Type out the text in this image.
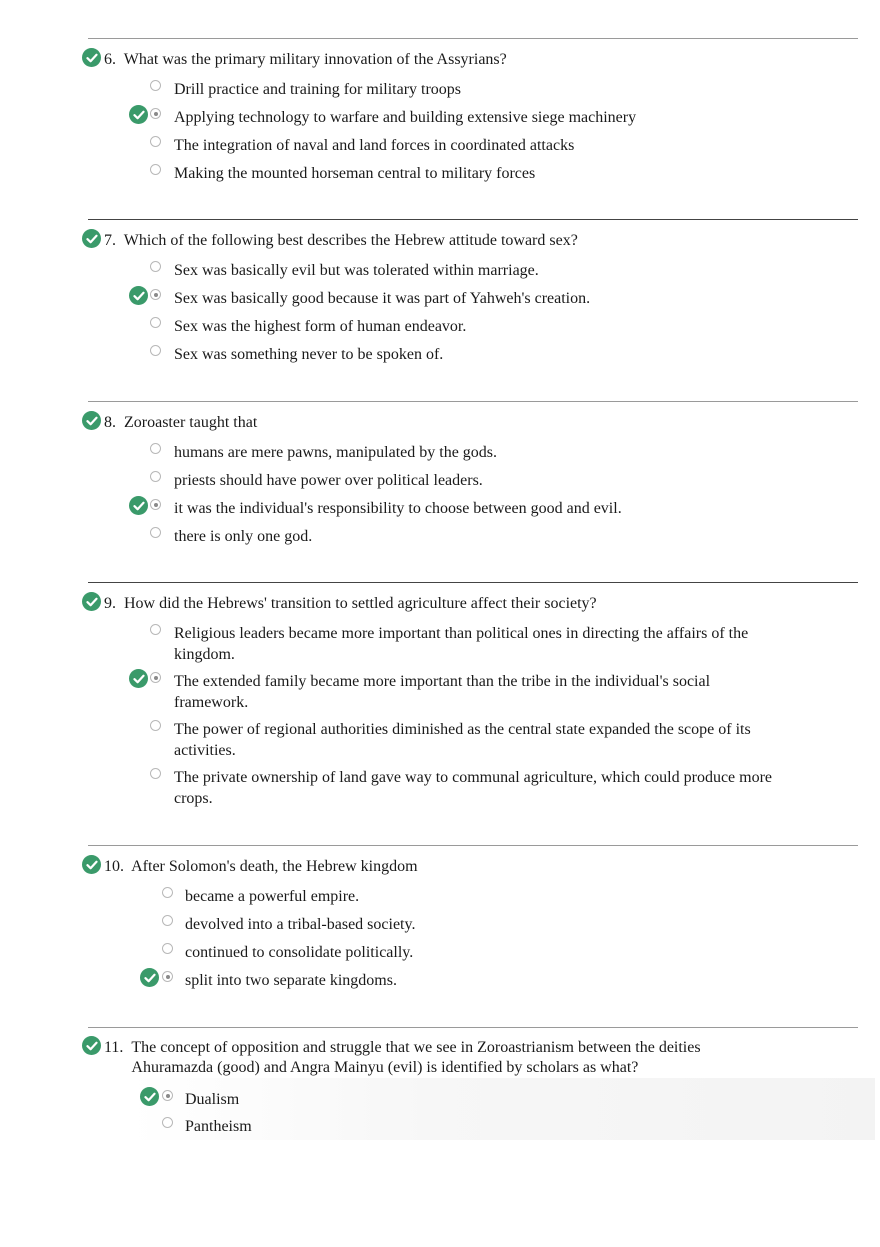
6. What was the primary military innovation of the Assyrians?
Drill practice and training for military troops
Applying technology to warfare and building extensive siege machinery
The integration of naval and land forces in coordinated attacks
Making the mounted horseman central to military forces
7. Which of the following best describes the Hebrew attitude toward sex?
Sex was basically evil but was tolerated within marriage.
Sex was basically good because it was part of Yahweh's creation.
Sex was the highest form of human endeavor.
Sex was something never to be spoken of.
8. Zoroaster taught that
humans are mere pawns, manipulated by the gods.
priests should have power over political leaders.
it was the individual's responsibility to choose between good and evil.
there is only one god.
9. How did the Hebrews' transition to settled agriculture affect their society?
Religious leaders became more important than political ones in directing the affairs of the kingdom.
The extended family became more important than the tribe in the individual's social framework.
The power of regional authorities diminished as the central state expanded the scope of its activities.
The private ownership of land gave way to communal agriculture, which could produce more crops.
10. After Solomon's death, the Hebrew kingdom
became a powerful empire.
devolved into a tribal-based society.
continued to consolidate politically.
split into two separate kingdoms.
11. The concept of opposition and struggle that we see in Zoroastrianism between the deities Ahuramazda (good) and Angra Mainyu (evil) is identified by scholars as what?
Dualism
Pantheism
